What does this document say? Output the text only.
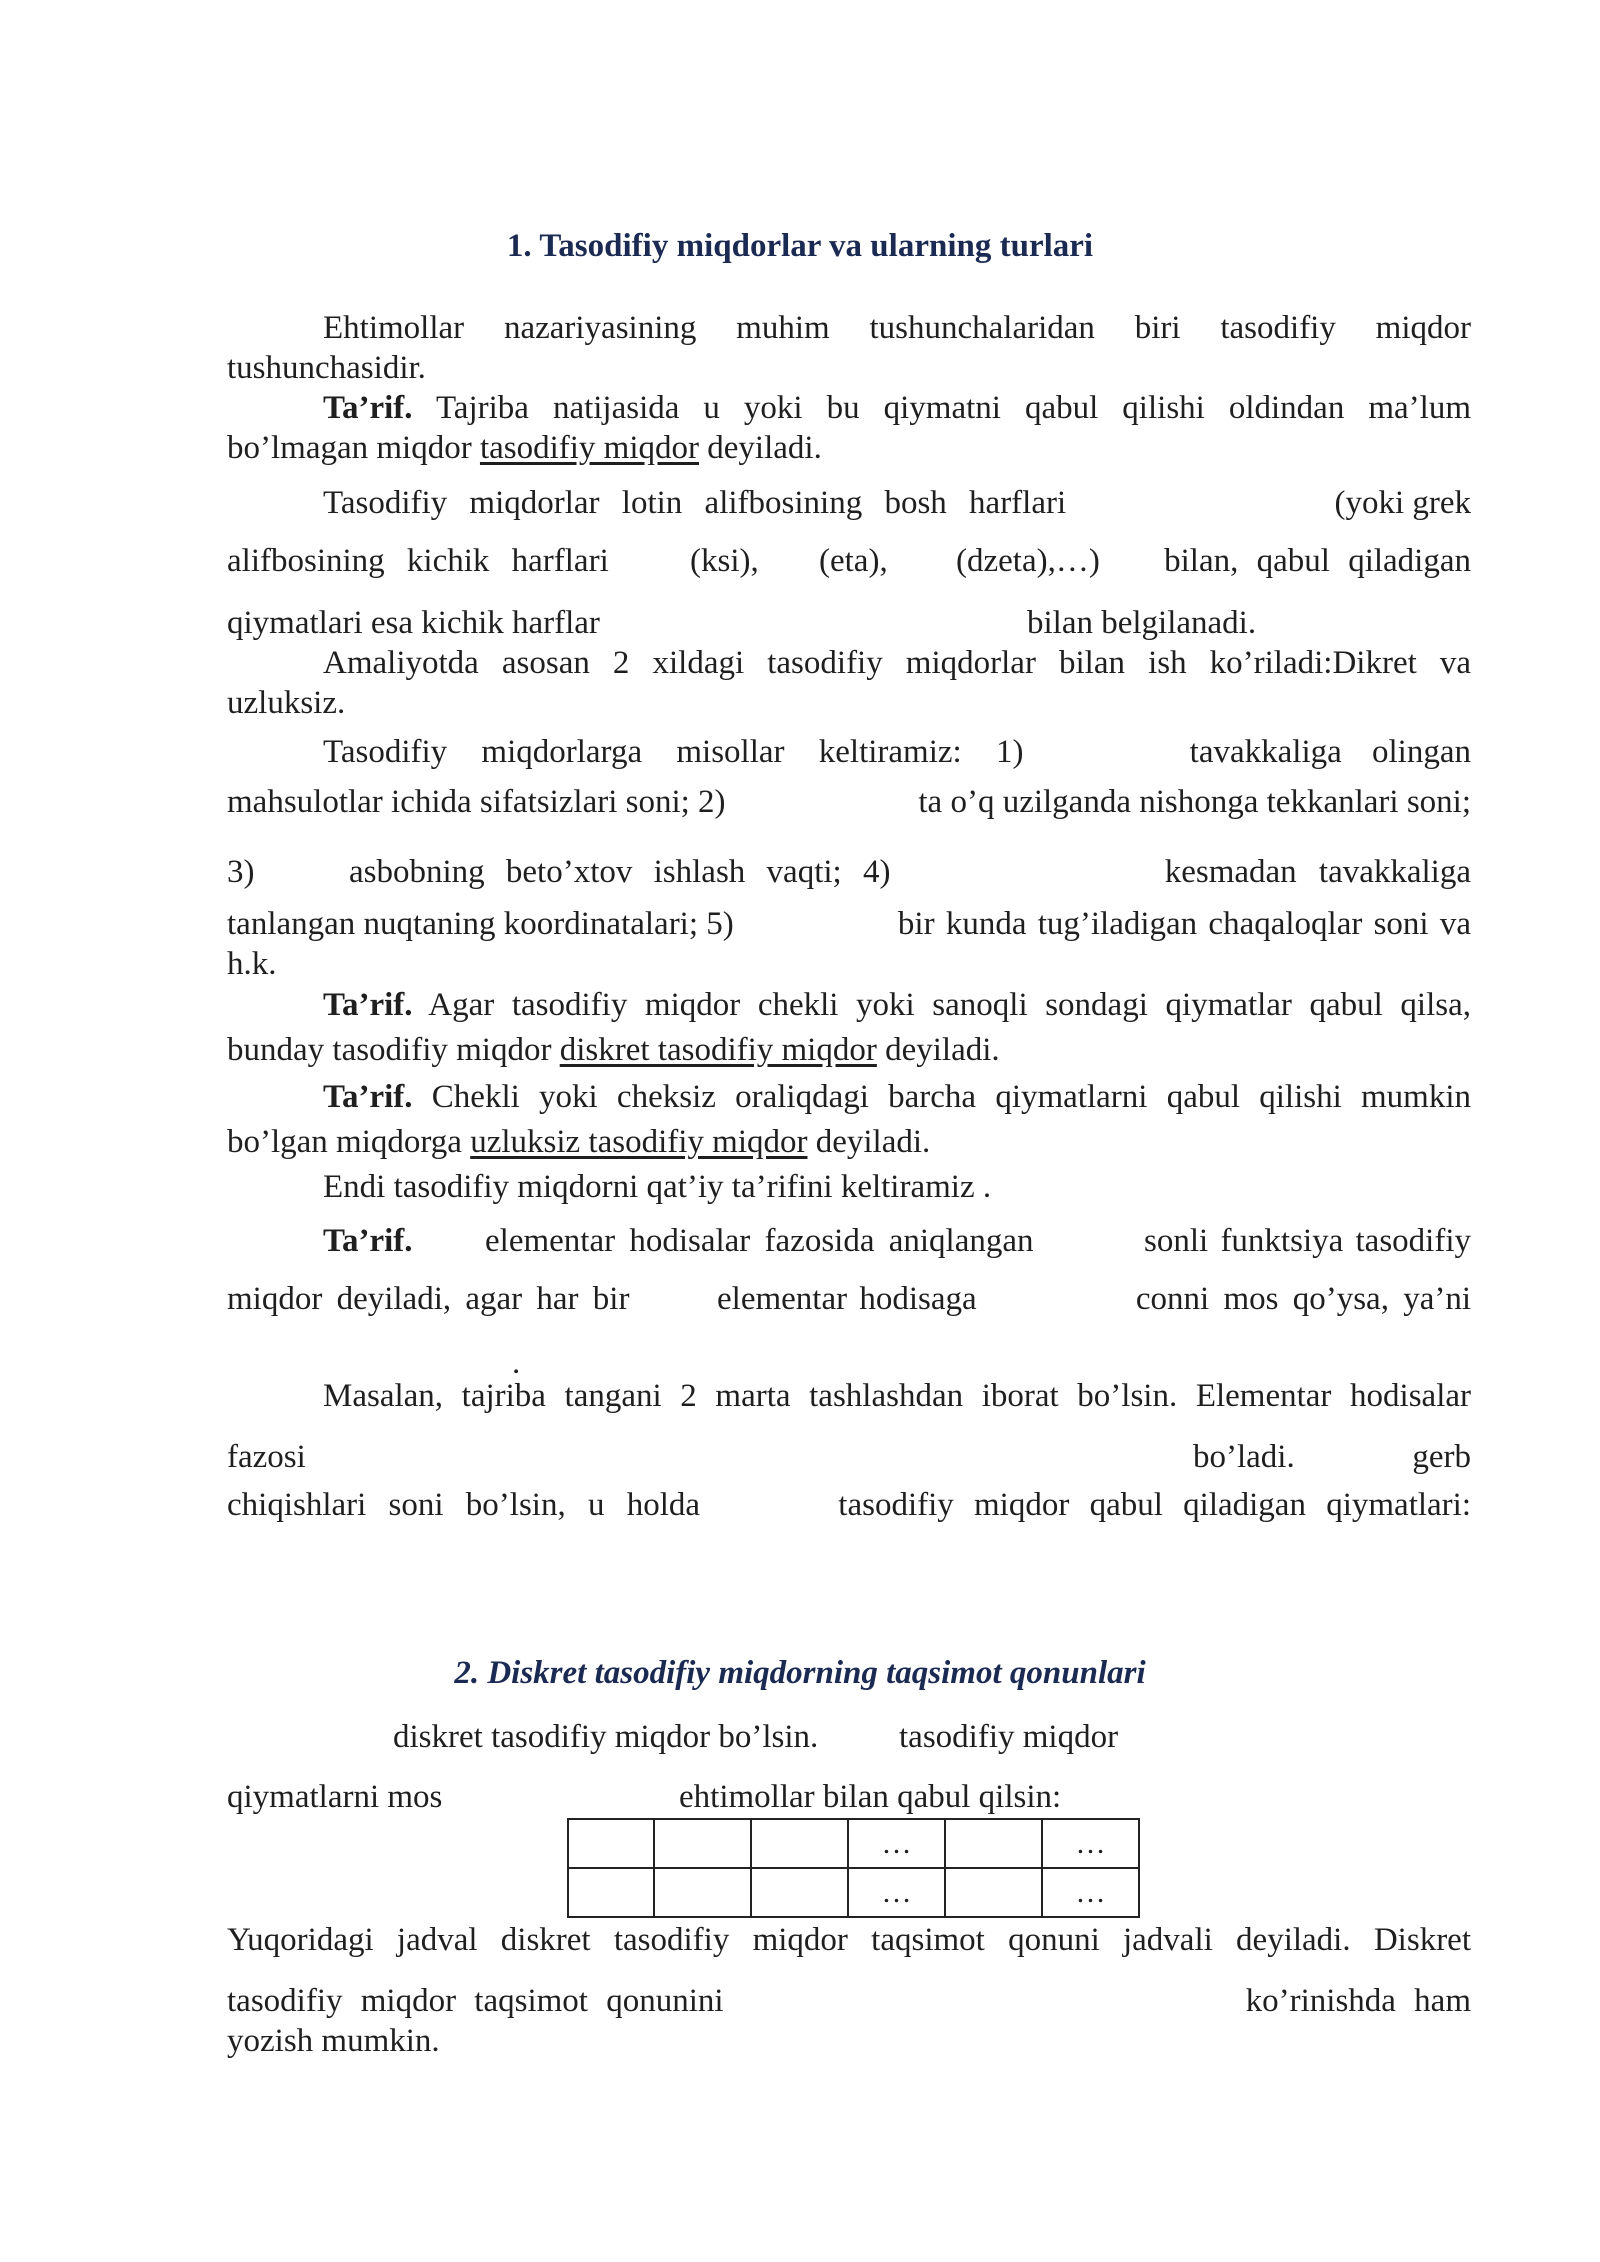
1. Tasodifiy miqdorlar va ularning turlari
Ehtimollar nazariyasining muhim tushunchalaridan biri tasodifiy miqdor
tushunchasidir.
Ta’rif. Tajriba natijasida u yoki bu qiymatni qabul qilishi oldindan ma’lum
bo’lmagan miqdor tasodifiy miqdor deyiladi.
Tasodifiy miqdorlar lotin alifbosining bosh harflari	(yoki grek
alifbosining kichik harflari (ksi), (eta), (dzeta),…) bilan, qabul qiladigan
qiymatlari esa kichik harflar	bilan belgilanadi.
Amaliyotda asosan 2 xildagi tasodifiy miqdorlar bilan ish ko’riladi:Dikret va
uzluksiz.
Tasodifiy miqdorlarga misollar keltiramiz: 1)	tavakkaliga olingan
mahsulotlar ichida sifatsizlari soni; 2)	ta o’q uzilganda nishonga tekkanlari soni;
3)	asbobning beto’xtov ishlash vaqti; 4)	kesmadan tavakkaliga
tanlangan nuqtaning koordinatalari; 5)	bir kunda tug’iladigan chaqaloqlar soni va
h.k.
Ta’rif. Agar tasodifiy miqdor chekli yoki sanoqli sondagi qiymatlar qabul qilsa,
bunday tasodifiy miqdor diskret tasodifiy miqdor deyiladi.
Ta’rif. Chekli yoki cheksiz oraliqdagi barcha qiymatlarni qabul qilishi mumkin
bo’lgan miqdorga uzluksiz tasodifiy miqdor deyiladi.
Endi tasodifiy miqdorni qat’iy ta’rifini keltiramiz .
Ta’rif. elementar hodisalar fazosida aniqlangan	sonli funktsiya tasodifiy
miqdor deyiladi, agar har bir	elementar hodisaga	conni mos qo’ysa, ya’ni
.
Masalan, tajriba tangani 2 marta tashlashdan iborat bo’lsin. Elementar hodisalar
fazosi	bo’ladi.	gerb
chiqishlari soni bo’lsin, u holda	tasodifiy miqdor qabul qiladigan qiymatlari:
2. Diskret tasodifiy miqdorning taqsimot qonunlari
diskret tasodifiy miqdor bo’lsin. tasodifiy miqdor
qiymatlarni mos	ehtimollar bilan qabul qilsin:
			…		…
			…		…
Yuqoridagi jadval diskret tasodifiy miqdor taqsimot qonuni jadvali deyiladi. Diskret
tasodifiy miqdor taqsimot qonunini	ko’rinishda ham
yozish mumkin.
